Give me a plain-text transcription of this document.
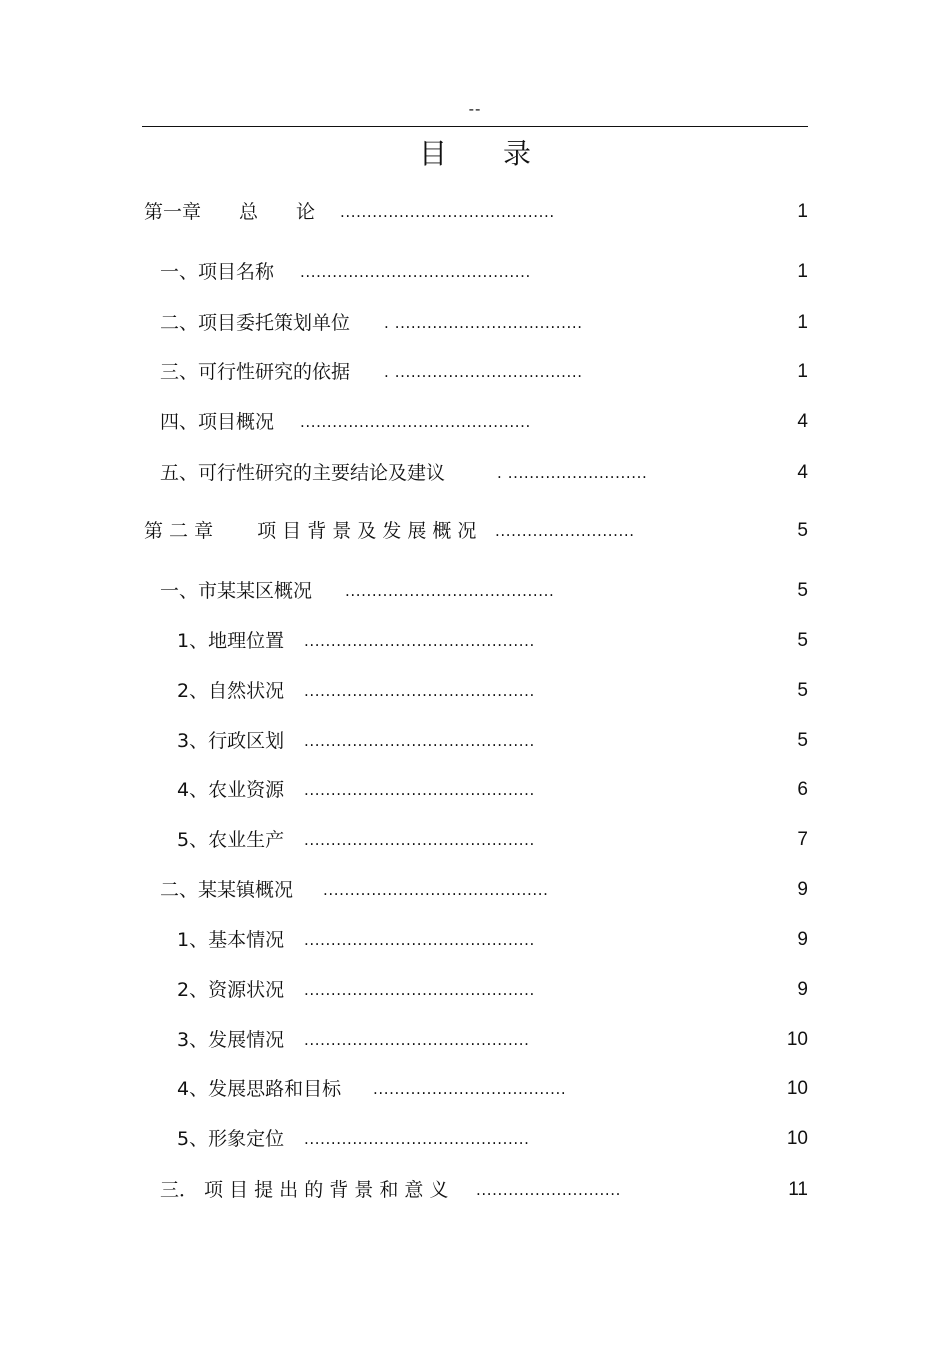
--
目　　录
第一章　　总　　论 ........................................	1
一、项目名称 ...........................................	1
二、项目委托策划单位 . ...................................	1
三、可行性研究的依据 . ...................................	1
四、项目概况 ...........................................	4
五、可行性研究的主要结论及建议	. ..........................	4
第 二 章　　 项 目 背 景 及 发 展 概 况 ..........................	5
一、市某某区概况 .......................................	5
1、地理位置 ...........................................	5
2、自然状况 ...........................................	5
3、行政区划 ...........................................	5
4、农业资源 ...........................................	6
5、农业生产 ...........................................	7
二、某某镇概况 ..........................................	9
1、基本情况 ...........................................	9
2、资源状况 ...........................................	9
3、发展情况 ..........................................	10
4、发展思路和目标 ....................................	10
5、形象定位 ..........................................	10
三． 项 目 提 出 的 背 景 和 意 义 ...........................	11
